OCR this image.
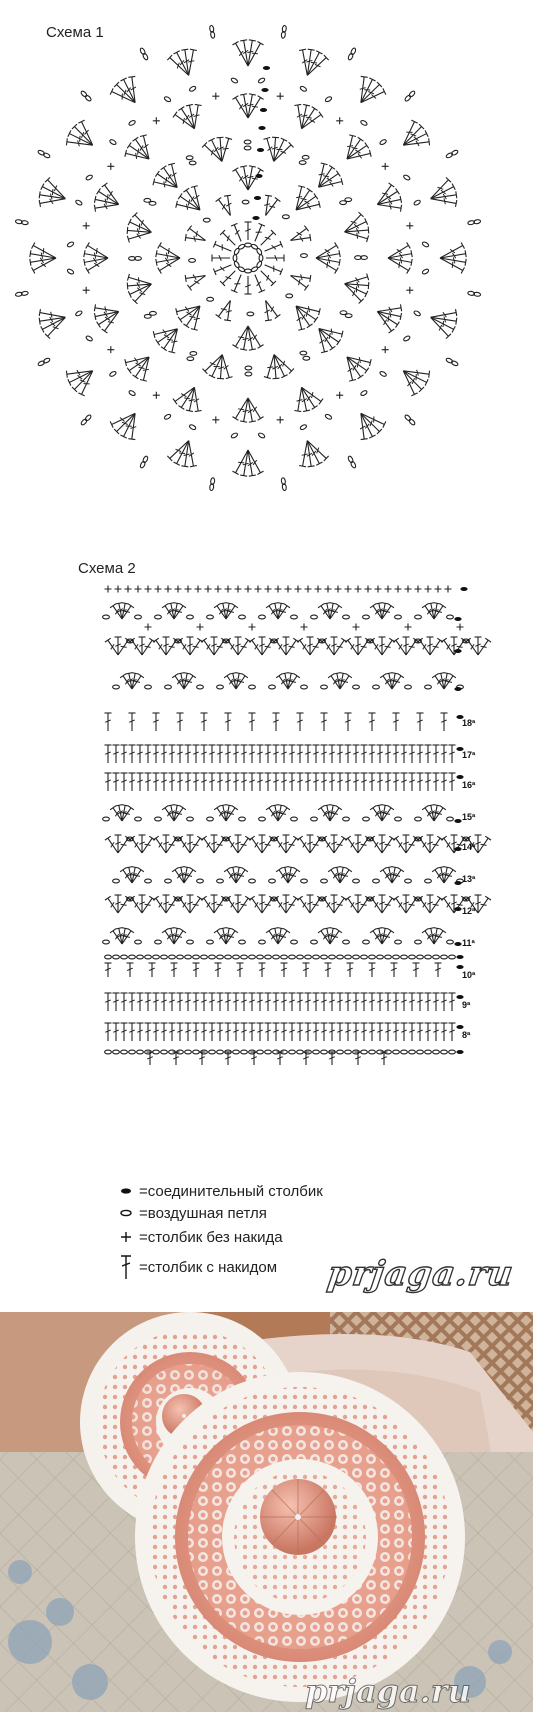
Схема 1
Схема 2
18ª
17ª
16ª
15ª
14ª
13ª
12ª
11ª
10ª
9ª
8ª
= соединительный столбик
= воздушная петля
= столбик без накида
= столбик с накидом prjaga.ru
prjaga.ru
